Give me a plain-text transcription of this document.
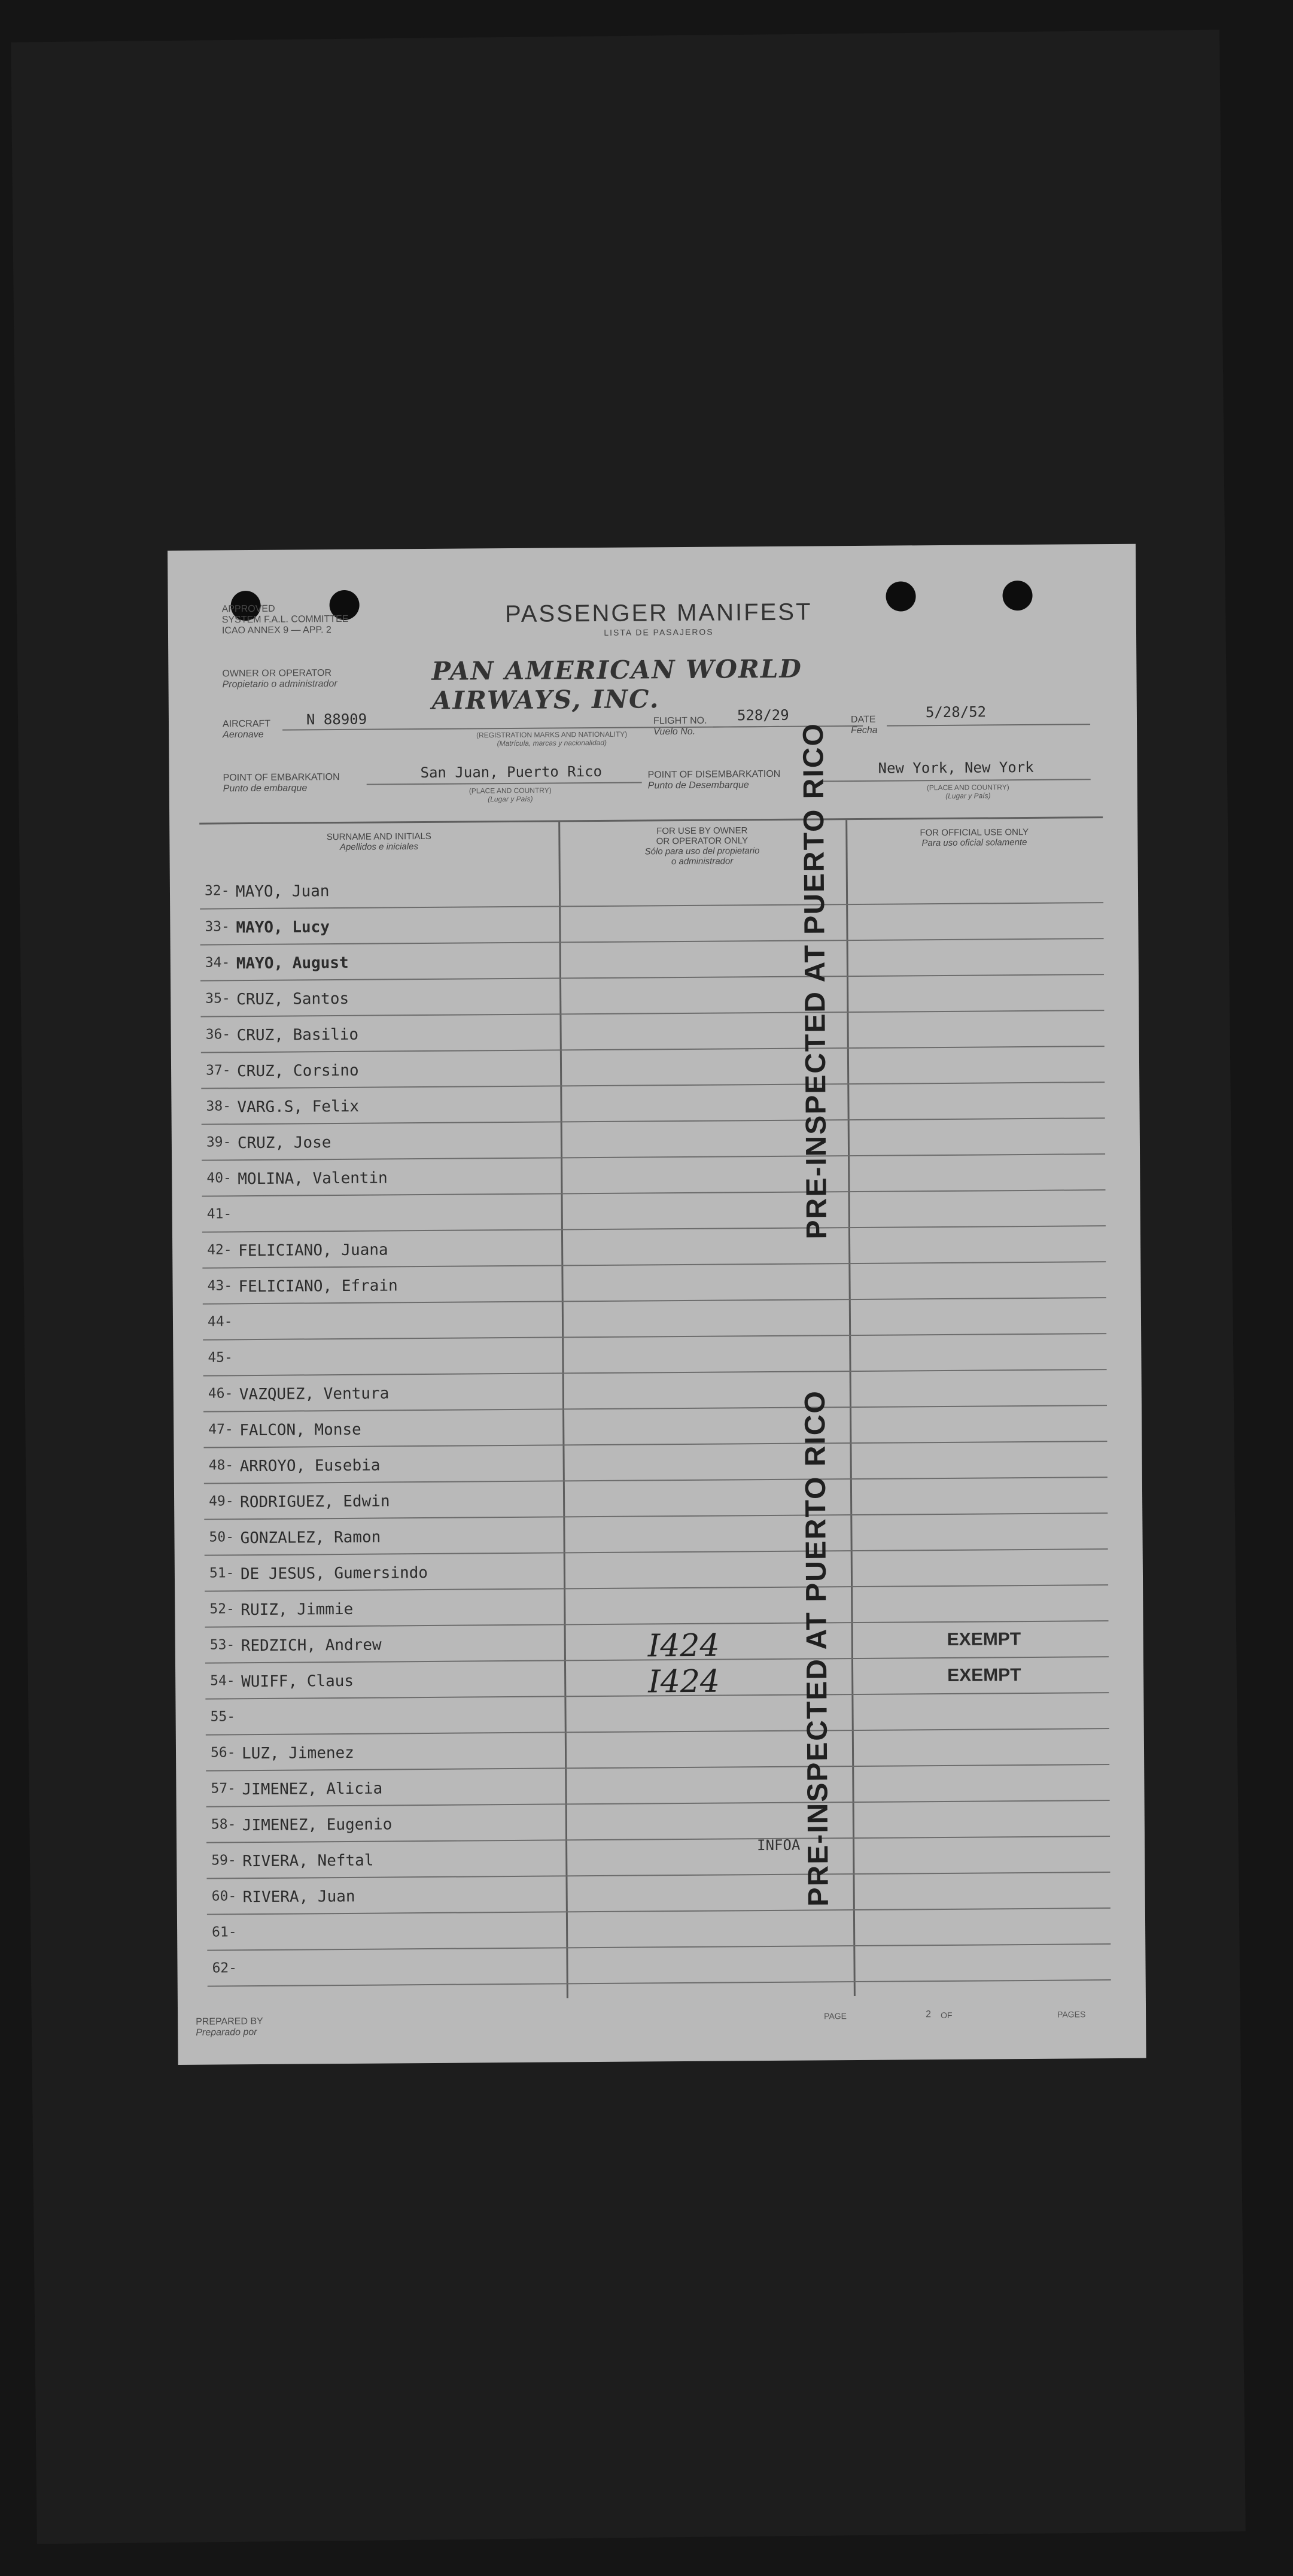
APPROVED
SYSTEM F.A.L. COMMITTEE
ICAO ANNEX 9 — APP. 2
PASSENGER MANIFEST
LISTA DE PASAJEROS
OWNER OR OPERATOR
Propietario o administrador	PAN AMERICAN WORLD AIRWAYS, INC.
AIRCRAFT
Aeronave
N 88909
(REGISTRATION MARKS AND NATIONALITY)
(Matrícula, marcas y nacionalidad)
FLIGHT NO.
Vuelo No.
528/29	DATE
Fecha
5/28/52
POINT OF EMBARKATION
Punto de embarque
San Juan, Puerto Rico
(PLACE AND COUNTRY)
(Lugar y País)
POINT OF DISEMBARKATION
Punto de Desembarque
New York, New York
(PLACE AND COUNTRY)
(Lugar y País)
SURNAME AND INITIALS
Apellidos e iniciales
FOR USE BY OWNER
OR OPERATOR ONLY
Sólo para uso del propietario
o administrador
FOR OFFICIAL USE ONLY
Para uso oficial solamente
32- MAYO, Juan
33- MAYO, Lucy
34- MAYO, August
35- CRUZ, Santos
36- CRUZ, Basilio
37- CRUZ, Corsino
38- VARG.S, Felix
39- CRUZ, Jose
40- MOLINA, Valentin
41-
42- FELICIANO, Juana
43- FELICIANO, Efrain
44-
45-
46- VAZQUEZ, Ventura
47- FALCON, Monse
48- ARROYO, Eusebia
49- RODRIGUEZ, Edwin
50- GONZALEZ, Ramon
51- DE JESUS, Gumersindo
52- RUIZ, Jimmie
53- REDZICH, Andrew	I424	EXEMPT
54- WUIFF, Claus	I424	EXEMPT
55-
56- LUZ, Jimenez
57- JIMENEZ, Alicia
58- JIMENEZ, Eugenio
59- RIVERA, Neftal
60- RIVERA, Juan
61-
62-
PRE-INSPECTED AT PUERTO RICO
PRE-INSPECTED AT PUERTO RICO
INFOA
PREPARED BY
Preparado por
PAGE	2 OF	PAGES
